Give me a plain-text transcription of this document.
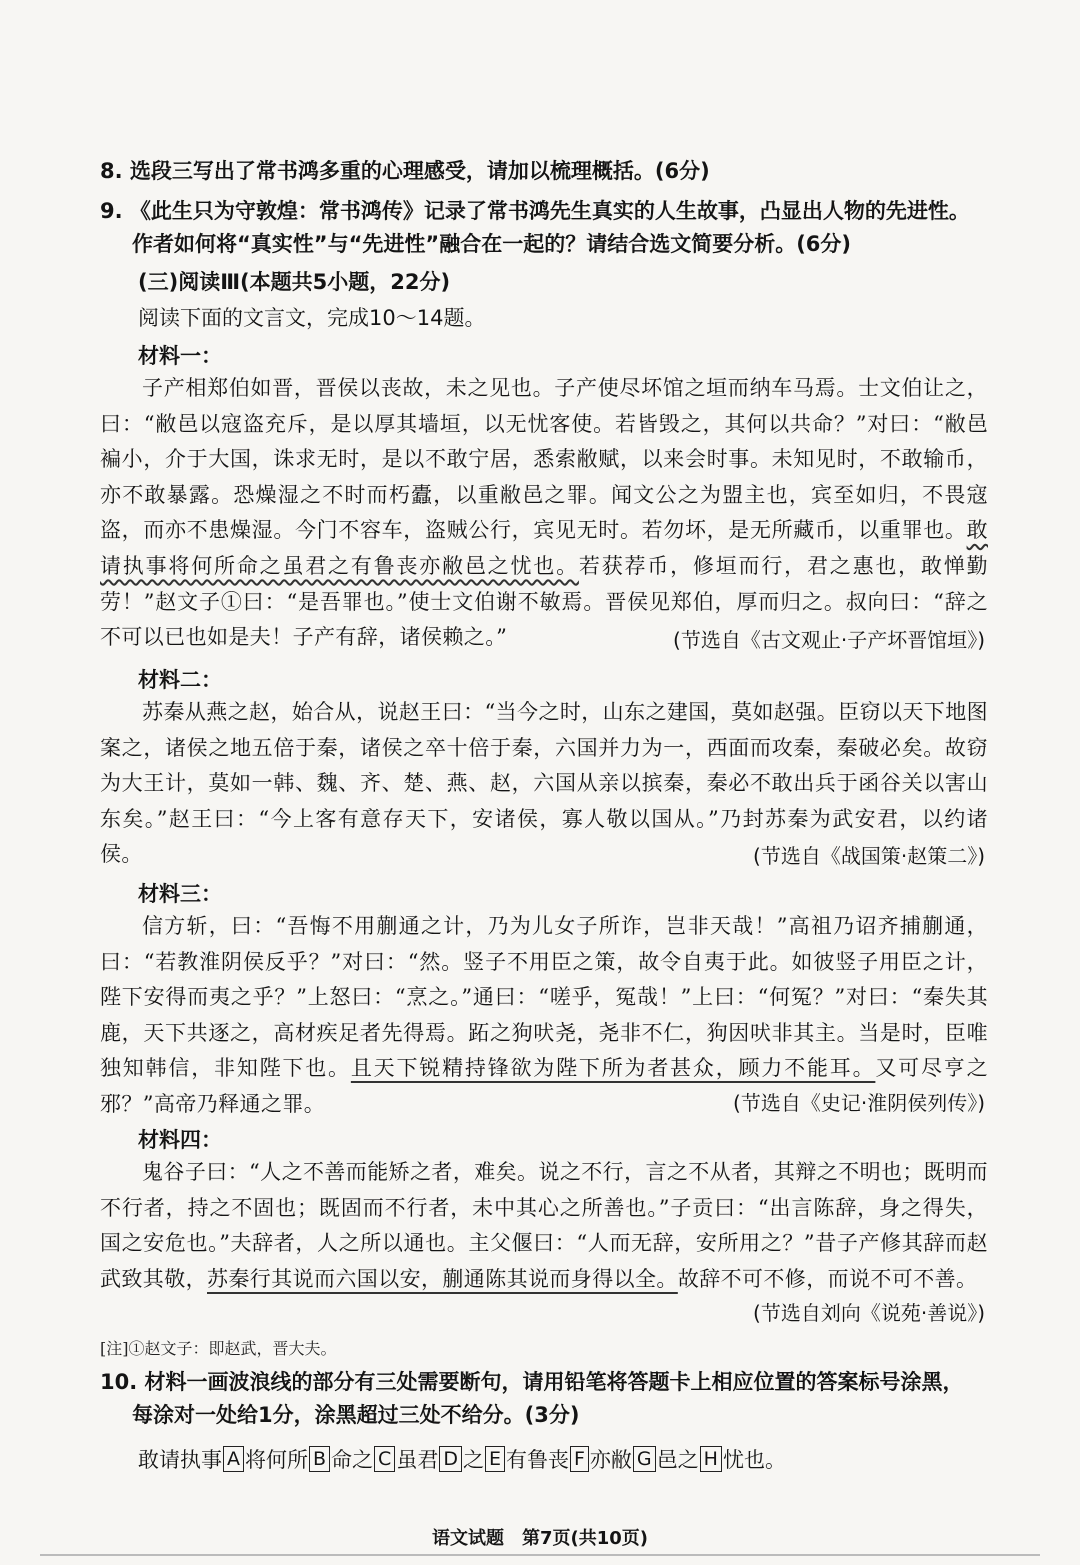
8. 选段三写出了常书鸿多重的心理感受，请加以梳理概括。(6分)
9. 《此生只为守敦煌：常书鸿传》记录了常书鸿先生真实的人生故事，凸显出人物的先进性。
作者如何将“真实性”与“先进性”融合在一起的？请结合选文简要分析。(6分)
(三)阅读Ⅲ(本题共5小题，22分)
阅读下面的文言文，完成10～14题。
材料一：
子产相郑伯如晋，晋侯以丧故，未之见也。子产使尽坏馆之垣而纳车马焉。士文伯让之，曰：“敝邑以寇盗充斥，是以厚其墙垣，以无忧客使。若皆毁之，其何以共命？”对曰：“敝邑褊小，介于大国，诛求无时，是以不敢宁居，悉索敝赋，以来会时事。未知见时，不敢输币，亦不敢暴露。恐燥湿之不时而朽蠹，以重敝邑之罪。闻文公之为盟主也，宾至如归，不畏寇盗，而亦不患燥湿。今门不容车，盗贼公行，宾见无时。若勿坏，是无所藏币，以重罪也。敢请执事将何所命之虽君之有鲁丧亦敝邑之忧也。若获荐币，修垣而行，君之惠也，敢惮勤劳！”赵文子①曰：“是吾罪也。”使士文伯谢不敏焉。晋侯见郑伯，厚而归之。叔向曰：“辞之不可以已也如是夫！子产有辞，诸侯赖之。”	(节选自《古文观止·子产坏晋馆垣》)
材料二：
苏秦从燕之赵，始合从，说赵王曰：“当今之时，山东之建国，莫如赵强。臣窃以天下地图案之，诸侯之地五倍于秦，诸侯之卒十倍于秦，六国并力为一，西面而攻秦，秦破必矣。故窃为大王计，莫如一韩、魏、齐、楚、燕、赵，六国从亲以摈秦，秦必不敢出兵于函谷关以害山东矣。”赵王曰：“今上客有意存天下，安诸侯，寡人敬以国从。”乃封苏秦为武安君，以约诸侯。	(节选自《战国策·赵策二》)
材料三：
信方斩，曰：“吾悔不用蒯通之计，乃为儿女子所诈，岂非天哉！”高祖乃诏齐捕蒯通，曰：“若教淮阴侯反乎？”对曰：“然。竖子不用臣之策，故令自夷于此。如彼竖子用臣之计，陛下安得而夷之乎？”上怒曰：“烹之。”通曰：“嗟乎，冤哉！”上曰：“何冤？”对曰：“秦失其鹿，天下共逐之，高材疾足者先得焉。跖之狗吠尧，尧非不仁，狗因吠非其主。当是时，臣唯独知韩信，非知陛下也。且天下锐精持锋欲为陛下所为者甚众，顾力不能耳。又可尽亨之邪？”高帝乃释通之罪。	(节选自《史记·淮阴侯列传》)
材料四：
鬼谷子曰：“人之不善而能矫之者，难矣。说之不行，言之不从者，其辩之不明也；既明而不行者，持之不固也；既固而不行者，未中其心之所善也。”子贡曰：“出言陈辞，身之得失，国之安危也。”夫辞者，人之所以通也。主父偃曰：“人而无辞，安所用之？”昔子产修其辞而赵武致其敬，苏秦行其说而六国以安，蒯通陈其说而身得以全。故辞不可不修，而说不可不善。
(节选自刘向《说苑·善说》)
[注]①赵文子：即赵武，晋大夫。
10. 材料一画波浪线的部分有三处需要断句，请用铅笔将答题卡上相应位置的答案标号涂黑，
每涂对一处给1分，涂黑超过三处不给分。(3分)
敢请执事 A 将何所 B 命之 C 虽君 D 之 E 有鲁丧 F 亦敝 G 邑之 H 忧也。
语文试题　第7页(共10页)
